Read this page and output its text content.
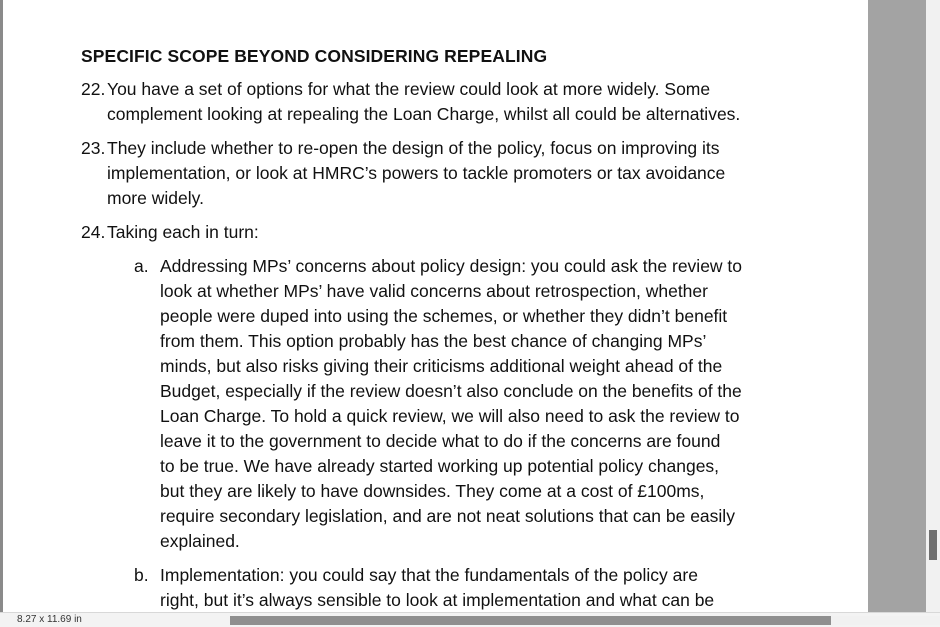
SPECIFIC SCOPE BEYOND CONSIDERING REPEALING
22. You have a set of options for what the review could look at more widely. Some
complement looking at repealing the Loan Charge, whilst all could be alternatives.
23. They include whether to re-open the design of the policy, focus on improving its
implementation, or look at HMRC’s powers to tackle promoters or tax avoidance
more widely.
24. Taking each in turn:
a. Addressing MPs’ concerns about policy design: you could ask the review to
look at whether MPs’ have valid concerns about retrospection, whether
people were duped into using the schemes, or whether they didn’t benefit
from them. This option probably has the best chance of changing MPs’
minds, but also risks giving their criticisms additional weight ahead of the
Budget, especially if the review doesn’t also conclude on the benefits of the
Loan Charge. To hold a quick review, we will also need to ask the review to
leave it to the government to decide what to do if the concerns are found
to be true. We have already started working up potential policy changes,
but they are likely to have downsides. They come at a cost of £100ms,
require secondary legislation, and are not neat solutions that can be easily
explained.
b. Implementation: you could say that the fundamentals of the policy are
right, but it’s always sensible to look at implementation and what can be
8.27 x 11.69 in
